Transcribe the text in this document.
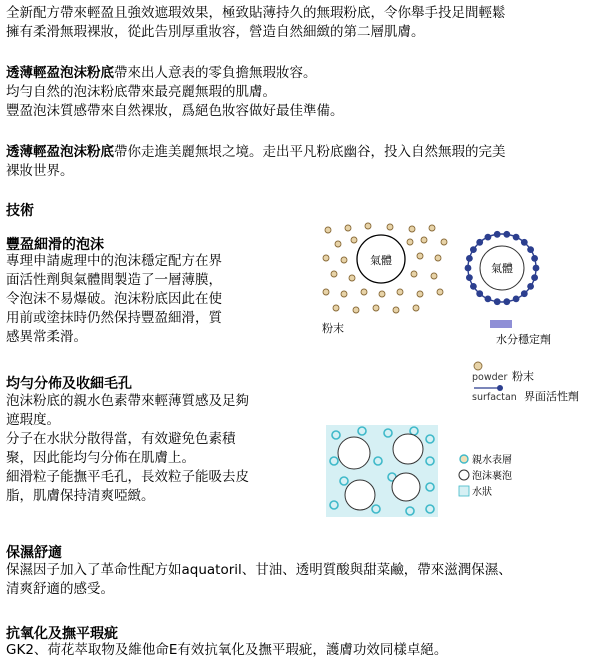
全新配方帶來輕盈且強效遮瑕效果，極致貼薄持久的無瑕粉底，令你舉手投足間輕鬆

擁有柔滑無瑕裸妝，從此告別厚重妝容，營造自然細緻的第二層肌膚。

透薄輕盈泡沫粉底帶來出人意表的零負擔無瑕妝容。

均勻自然的泡沫粉底帶來最亮麗無瑕的肌膚。

豐盈泡沫質感帶來自然裸妝，爲絕色妝容做好最佳準備。

透薄輕盈泡沫粉底帶你走進美麗無垠之境。走出平凡粉底幽谷，投入自然無瑕的完美

裸妝世界。

技術

豐盈細滑的泡沫

專理申請處理中的泡沫穩定配方在界
面活性劑與氣體間製造了一層薄膜，
令泡沫不易爆破。泡沫粉底因此在使
用前或塗抹時仍然保持豐盈細滑，質
感異常柔滑。

均勻分佈及收細毛孔

泡沫粉底的親水色素帶來輕薄質感及足夠
遮瑕度。
分子在水狀分散得當，有效避免色素積
聚，因此能均勻分佈在肌膚上。
細滑粒子能撫平毛孔，長效粒子能吸去皮
脂，肌膚保持清爽啞緻。

保濕舒適

保濕因子加入了革命性配方如aquatoril、甘油、透明質酸與甜菜鹼，帶來滋潤保濕、
清爽舒適的感受。

抗氧化及撫平瑕疵

GK2、荷花萃取物及維他命E有效抗氧化及撫平瑕疵，護膚功效同樣卓絕。
氣體
粉末
氣體
水分穩定劑
powder 粉末
surfactan 界面活性劑
親水表層
泡沫裹泡
水狀
